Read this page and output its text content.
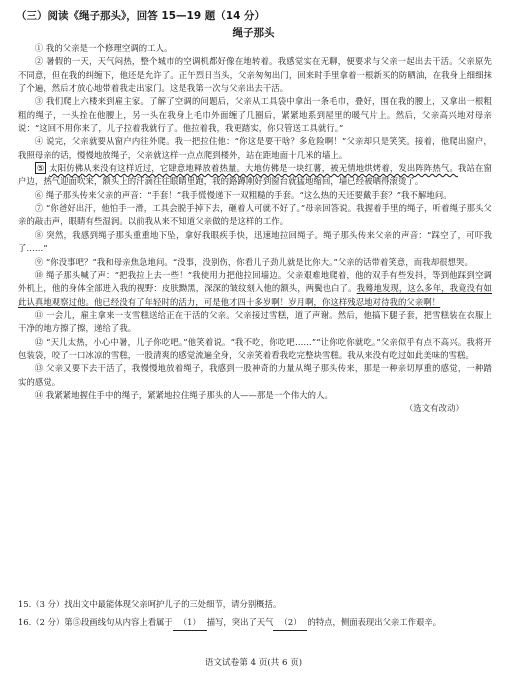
（三）阅读《绳子那头》，回答 15—19 题（14 分）
绳子那头

① 我的父亲是一个修理空调的工人。

② 暑假的一天，天气闷热，整个城市的空调机都好像在地转着。我感觉实在无聊，便要求与父亲一起出去干活。父亲原先不同意，但在我的纠缠下，他还是允许了。正午烈日当头，父亲匆匆出门，回来时手里拿着一根新买的防晒油，在我身上细细抹了个遍，然后才放心地带着我走出家门。这是我第一次与父亲出去干活。

③ 我们爬上六楼来到雇主家。了解了空调的问题后，父亲从工具袋中拿出一条毛巾，叠好，围在我的腰上，又拿出一根粗粗的绳子，一头拴在他腰上，另一头在我身上毛巾外面缠了几圈后，紧紧地系到屋里的暖气片上。然后，父亲高兴地对母亲说：“这回不用你来了，儿子拉着我就行了。他拉着我，我更踏实，你只管送工具就行。”

④ 说完，父亲就要从窗户内往外爬。我一把拉住他：“你这是要干啥？多危险啊！”父亲却只是笑笑。接着，他爬出窗户，我照母亲的话，慢慢地放绳子，父亲就这样一点点爬到楼外，站在距地面十几米的墙上。

⑤ 太阳仿佛从来没有这样近过，它肆意地释放着热量。大地仿佛是一块红薯，被无情地烘烤着，发出阵阵热气。我站在窗户边，热气迎面吹来，额头上的汗滴往往眼睛里跑，我的路蹲刚好到窗台就猛地缩回，墙已经被晒得滚烫了。

⑥ 绳子那头传来父亲的声音：“手套！”我手慌慢递下一双粗糙的手套。“这么热的天还要戴手套？”我不解地问。

⑦ “你爸好出汗，他怕手一滑，工具会脱手掉下去，砸着人可就不好了。”母亲回答说。我握着手里的绳子，听着绳子那头父亲的敲击声，眼睛有些湿润。以前我从来不知道父亲做的是这样的工作。

⑧ 突然，我感到绳子那头重重地下坠，拿好我眼疾手快，迅速地拉回绳子。绳子那头传来父亲的声音：“踩空了，可吓我了……”

⑨ “你没事吧？”我和母亲焦急地问。“没事，没别伤，你看儿子劲儿就是比你大。”父亲的话带着笑意，而我却很想哭。

⑩ 绳子那头喊了声：“把我拉上去一些！”我使用力把他拉回墙边。父亲艰难地爬着，他的双手有些发抖，等到他踩到空调外机上，他的身体全部进入我的视野：皮肤黝黑，深深的皱纹刻入他的额头，两鬓也白了。我蓦地发现，这么多年，我竟没有如此认真地观察过他。他已经没有了年轻时的活力，可是他才四十多岁啊！岁月啊，你这样残忍地对待我的父亲啊！

⑪ 一会儿，雇主拿来一支雪糕送给正在干活的父亲。父亲接过雪糕，道了声谢。然后，他搞下腿子套，把雪糕装在衣服上干净的地方擦了擦，递给了我。

⑫ “天儿太热，小心中暑，儿子你吃吧。”他笑着说。“我不吃，你吃吧……”“让你吃你就吃。”父亲似乎有点不高兴。我将开包装袋，咬了一口冰凉的雪糕，一股清爽的感觉流遍全身，父亲笑着看我吃完整块雪糕。我从来没有吃过如此美味的雪糕。

⑬ 父亲又要下去干活了，我慢慢地放着绳子，我感到一股神奇的力量从绳子那头传来，那是一种亲切厚重的感觉，一种踏实的感觉。

⑭ 我紧紧地握住手中的绳子，紧紧地拉住绳子那头的人——那是一个伟大的人。

（选文有改动）

15.（3 分）找出文中最能体现父亲呵护儿子的三处细节，请分别概括。

16.（2 分）第⑤段画线句从内容上看属于 （1） 描写，突出了天气 （2） 的特点，侧面表现出父亲工作艰辛。

语文试卷第 4 页(共 6 页)
